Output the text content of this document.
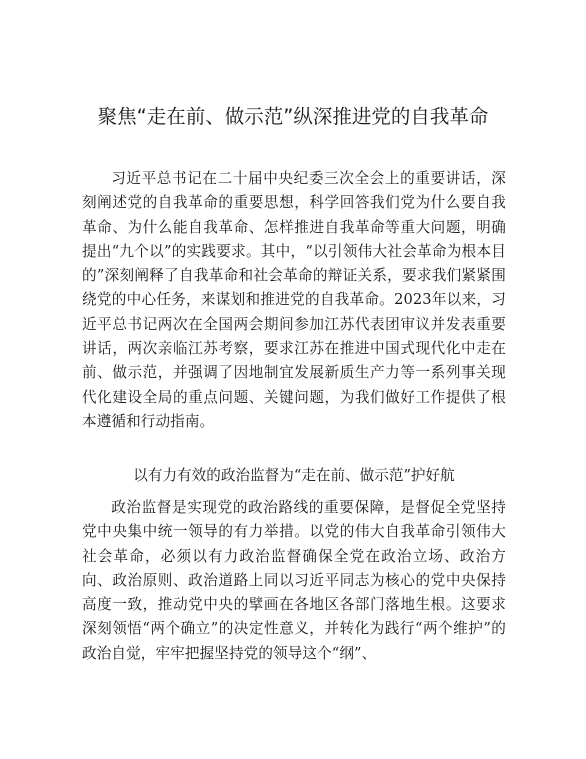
聚焦“走在前、做示范”纵深推进党的自我革命

习近平总书记在二十届中央纪委三次全会上的重要讲话，深刻阐述党的自我革命的重要思想，科学回答我们党为什么要自我革命、为什么能自我革命、怎样推进自我革命等重大问题，明确提出“九个以”的实践要求。其中，“以引领伟大社会革命为根本目的”深刻阐释了自我革命和社会革命的辩证关系，要求我们紧紧围绕党的中心任务，来谋划和推进党的自我革命。2023年以来，习近平总书记两次在全国两会期间参加江苏代表团审议并发表重要讲话，两次亲临江苏考察，要求江苏在推进中国式现代化中走在前、做示范，并强调了因地制宜发展新质生产力等一系列事关现代化建设全局的重点问题、关键问题，为我们做好工作提供了根本遵循和行动指南。

以有力有效的政治监督为“走在前、做示范”护好航

政治监督是实现党的政治路线的重要保障，是督促全党坚持党中央集中统一领导的有力举措。以党的伟大自我革命引领伟大社会革命，必须以有力政治监督确保全党在政治立场、政治方向、政治原则、政治道路上同以习近平同志为核心的党中央保持高度一致，推动党中央的擘画在各地区各部门落地生根。这要求深刻领悟“两个确立”的决定性意义，并转化为践行“两个维护”的政治自觉，牢牢把握坚持党的领导这个“纲”、
